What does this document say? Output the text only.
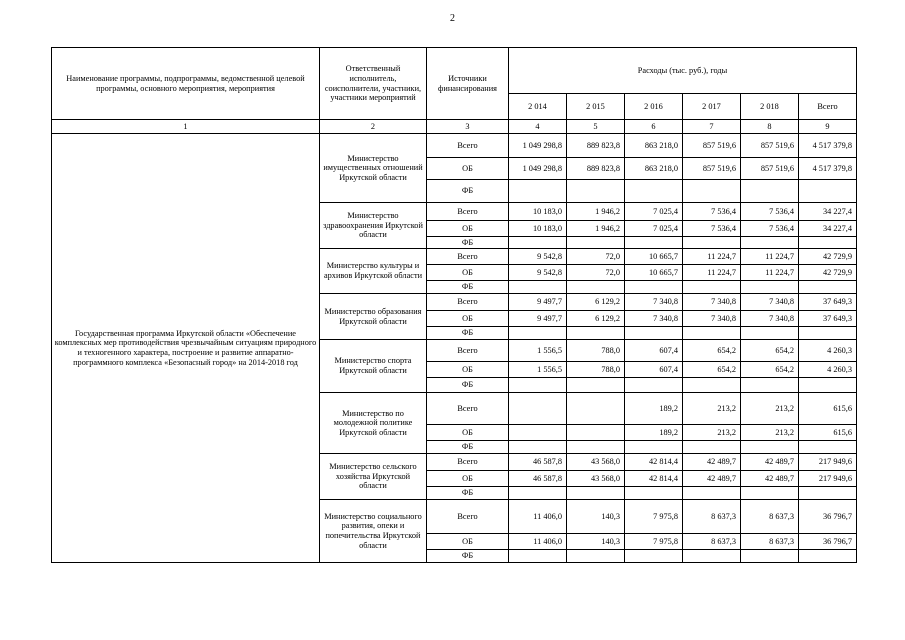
2
Наименование программы, подпрограммы, ведомственной целевой программы, основного мероприятия, мероприятия	Ответственный исполнитель, соисполнители, участники, участники мероприятий	Источники финансирования	Расходы (тыс. руб.), годы					
			2 014	2 015	2 016	2 017	2 018	Всего
1	2	3	4	5	6	7	8	9
Государственная программа Иркутской области «Обеспечение комплексных мер противодействия чрезвычайным ситуациям природного и техногенного характера, построение и развитие аппаратно-программного комплекса «Безопасный город» на 2014-2018 год	Министерство имущественных отношений Иркутской области	Всего	1 049 298,8	889 823,8	863 218,0	857 519,6	857 519,6	4 517 379,8
		ОБ	1 049 298,8	889 823,8	863 218,0	857 519,6	857 519,6	4 517 379,8
		ФБ						
	Министерство здравоохранения Иркутской области	Всего	10 183,0	1 946,2	7 025,4	7 536,4	7 536,4	34 227,4
		ОБ	10 183,0	1 946,2	7 025,4	7 536,4	7 536,4	34 227,4
		ФБ						
	Министерство культуры и архивов Иркутской области	Всего	9 542,8	72,0	10 665,7	11 224,7	11 224,7	42 729,9
		ОБ	9 542,8	72,0	10 665,7	11 224,7	11 224,7	42 729,9
		ФБ						
	Министерство образования Иркутской области	Всего	9 497,7	6 129,2	7 340,8	7 340,8	7 340,8	37 649,3
		ОБ	9 497,7	6 129,2	7 340,8	7 340,8	7 340,8	37 649,3
		ФБ						
	Министерство спорта Иркутской области	Всего	1 556,5	788,0	607,4	654,2	654,2	4 260,3
		ОБ	1 556,5	788,0	607,4	654,2	654,2	4 260,3
		ФБ						
	Министерство по молодежной политике Иркутской области	Всего			189,2	213,2	213,2	615,6
		ОБ			189,2	213,2	213,2	615,6
		ФБ						
	Министерство сельского хозяйства Иркутской области	Всего	46 587,8	43 568,0	42 814,4	42 489,7	42 489,7	217 949,6
		ОБ	46 587,8	43 568,0	42 814,4	42 489,7	42 489,7	217 949,6
		ФБ						
	Министерство социального развития, опеки и попечительства Иркутской области	Всего	11 406,0	140,3	7 975,8	8 637,3	8 637,3	36 796,7
		ОБ	11 406,0	140,3	7 975,8	8 637,3	8 637,3	36 796,7
		ФБ						
